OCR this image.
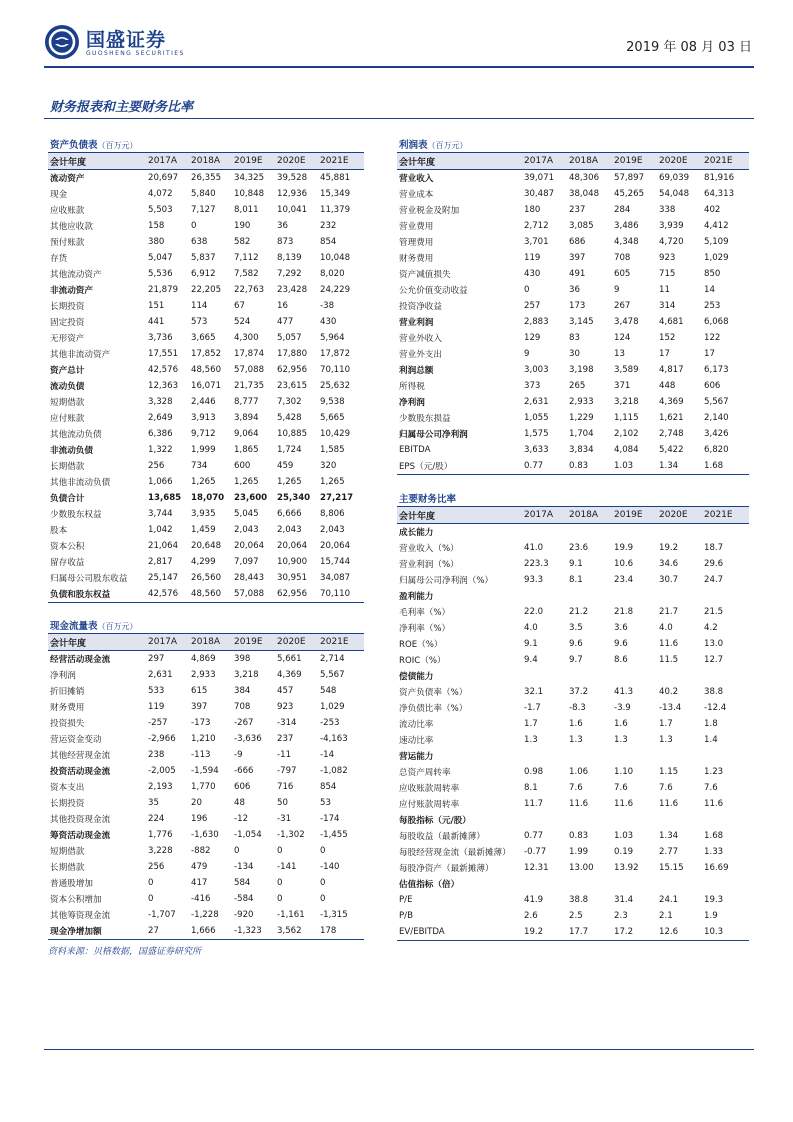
国盛证券
GUOSHENG SECURITIES	2019 年 08 月 03 日
财务报表和主要财务比率
资产负债表（百万元）					
会计年度	2017A	2018A	2019E	2020E	2021E
流动资产	20,697	26,355	34,325	39,528	45,881
现金	4,072	5,840	10,848	12,936	15,349
应收账款	5,503	7,127	8,011	10,041	11,379
其他应收款	158	0	190	36	232
预付账款	380	638	582	873	854
存货	5,047	5,837	7,112	8,139	10,048
其他流动资产	5,536	6,912	7,582	7,292	8,020
非流动资产	21,879	22,205	22,763	23,428	24,229
长期投资	151	114	67	16	-38
固定投资	441	573	524	477	430
无形资产	3,736	3,665	4,300	5,057	5,964
其他非流动资产	17,551	17,852	17,874	17,880	17,872
资产总计	42,576	48,560	57,088	62,956	70,110
流动负债	12,363	16,071	21,735	23,615	25,632
短期借款	3,328	2,446	8,777	7,302	9,538
应付账款	2,649	3,913	3,894	5,428	5,665
其他流动负债	6,386	9,712	9,064	10,885	10,429
非流动负债	1,322	1,999	1,865	1,724	1,585
长期借款	256	734	600	459	320
其他非流动负债	1,066	1,265	1,265	1,265	1,265
负债合计	13,685	18,070	23,600	25,340	27,217
少数股东权益	3,744	3,935	5,045	6,666	8,806
股本	1,042	1,459	2,043	2,043	2,043
资本公积	21,064	20,648	20,064	20,064	20,064
留存收益	2,817	4,299	7,097	10,900	15,744
归属母公司股东收益	25,147	26,560	28,443	30,951	34,087
负债和股东权益	42,576	48,560	57,088	62,956	70,110
现金流量表（百万元）					
会计年度	2017A	2018A	2019E	2020E	2021E
经营活动现金流	297	4,869	398	5,661	2,714
净利润	2,631	2,933	3,218	4,369	5,567
折旧摊销	533	615	384	457	548
财务费用	119	397	708	923	1,029
投资损失	-257	-173	-267	-314	-253
营运资金变动	-2,966	1,210	-3,636	237	-4,163
其他经营现金流	238	-113	-9	-11	-14
投资活动现金流	-2,005	-1,594	-666	-797	-1,082
资本支出	2,193	1,770	606	716	854
长期投资	35	20	48	50	53
其他投资现金流	224	196	-12	-31	-174
筹资活动现金流	1,776	-1,630	-1,054	-1,302	-1,455
短期借款	3,228	-882	0	0	0
长期借款	256	479	-134	-141	-140
普通股增加	0	417	584	0	0
资本公积增加	0	-416	-584	0	0
其他筹资现金流	-1,707	-1,228	-920	-1,161	-1,315
现金净增加额	27	1,666	-1,323	3,562	178
利润表（百万元）					
会计年度	2017A	2018A	2019E	2020E	2021E
营业收入	39,071	48,306	57,897	69,039	81,916
营业成本	30,487	38,048	45,265	54,048	64,313
营业税金及附加	180	237	284	338	402
营业费用	2,712	3,085	3,486	3,939	4,412
管理费用	3,701	686	4,348	4,720	5,109
财务费用	119	397	708	923	1,029
资产减值损失	430	491	605	715	850
公允价值变动收益	0	36	9	11	14
投资净收益	257	173	267	314	253
营业利润	2,883	3,145	3,478	4,681	6,068
营业外收入	129	83	124	152	122
营业外支出	9	30	13	17	17
利润总额	3,003	3,198	3,589	4,817	6,173
所得税	373	265	371	448	606
净利润	2,631	2,933	3,218	4,369	5,567
少数股东损益	1,055	1,229	1,115	1,621	2,140
归属母公司净利润	1,575	1,704	2,102	2,748	3,426
EBITDA	3,633	3,834	4,084	5,422	6,820
EPS（元/股）	0.77	0.83	1.03	1.34	1.68
主要财务比率					
会计年度	2017A	2018A	2019E	2020E	2021E
成长能力					
营业收入（%）	41.0	23.6	19.9	19.2	18.7
营业利润（%）	223.3	9.1	10.6	34.6	29.6
归属母公司净利润（%）	93.3	8.1	23.4	30.7	24.7
盈利能力					
毛利率（%）	22.0	21.2	21.8	21.7	21.5
净利率（%）	4.0	3.5	3.6	4.0	4.2
ROE（%）	9.1	9.6	9.6	11.6	13.0
ROIC（%）	9.4	9.7	8.6	11.5	12.7
偿债能力					
资产负债率（%）	32.1	37.2	41.3	40.2	38.8
净负债比率（%）	-1.7	-8.3	-3.9	-13.4	-12.4
流动比率	1.7	1.6	1.6	1.7	1.8
速动比率	1.3	1.3	1.3	1.3	1.4
营运能力					
总资产周转率	0.98	1.06	1.10	1.15	1.23
应收账款周转率	8.1	7.6	7.6	7.6	7.6
应付账款周转率	11.7	11.6	11.6	11.6	11.6
每股指标（元/股）					
每股收益（最新摊薄）	0.77	0.83	1.03	1.34	1.68
每股经营现金流（最新摊薄）	-0.77	1.99	0.19	2.77	1.33
每股净资产（最新摊薄）	12.31	13.00	13.92	15.15	16.69
估值指标（倍）					
P/E	41.9	38.8	31.4	24.1	19.3
P/B	2.6	2.5	2.3	2.1	1.9
EV/EBITDA	19.2	17.7	17.2	12.6	10.3
资料来源：贝格数据，国盛证券研究所
